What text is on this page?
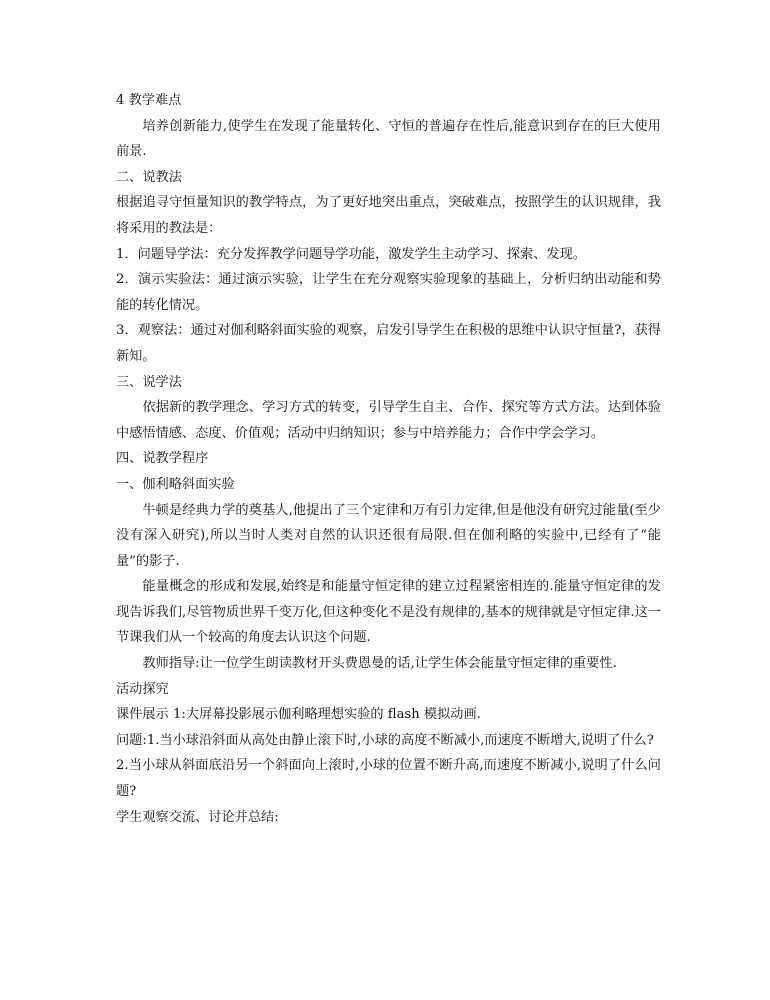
4 教学难点

培养创新能力,使学生在发现了能量转化、守恒的普遍存在性后,能意识到存在的巨大使用前景.

二、说教法

根据追寻守恒量知识的教学特点，为了更好地突出重点，突破难点，按照学生的认识规律，我将采用的教法是：

1．问题导学法：充分发挥教学问题导学功能，激发学生主动学习、探索、发现。

2．演示实验法：通过演示实验，让学生在充分观察实验现象的基础上，分析归纳出动能和势能的转化情况。

3．观察法：通过对伽利略斜面实验的观察，启发引导学生在积极的思维中认识守恒量?，获得新知。

三、说学法

依据新的教学理念、学习方式的转变，引导学生自主、合作、探究等方式方法。达到体验中感悟情感、态度、价值观；活动中归纳知识；参与中培养能力；合作中学会学习。

四、说教学程序

一、伽利略斜面实验

牛顿是经典力学的奠基人,他提出了三个定律和万有引力定律,但是他没有研究过能量(至少没有深入研究),所以当时人类对自然的认识还很有局限.但在伽利略的实验中,已经有了“能量”的影子.

能量概念的形成和发展,始终是和能量守恒定律的建立过程紧密相连的.能量守恒定律的发现告诉我们,尽管物质世界千变万化,但这种变化不是没有规律的,基本的规律就是守恒定律.这一节课我们从一个较高的角度去认识这个问题.

教师指导:让一位学生朗读教材开头费恩曼的话,让学生体会能量守恒定律的重要性.

活动探究

课件展示 1:大屏幕投影展示伽利略理想实验的 flash 模拟动画.

问题:1.当小球沿斜面从高处由静止滚下时,小球的高度不断减小,而速度不断增大,说明了什么?

2.当小球从斜面底沿另一个斜面向上滚时,小球的位置不断升高,而速度不断减小,说明了什么问题?

学生观察交流、讨论并总结:
